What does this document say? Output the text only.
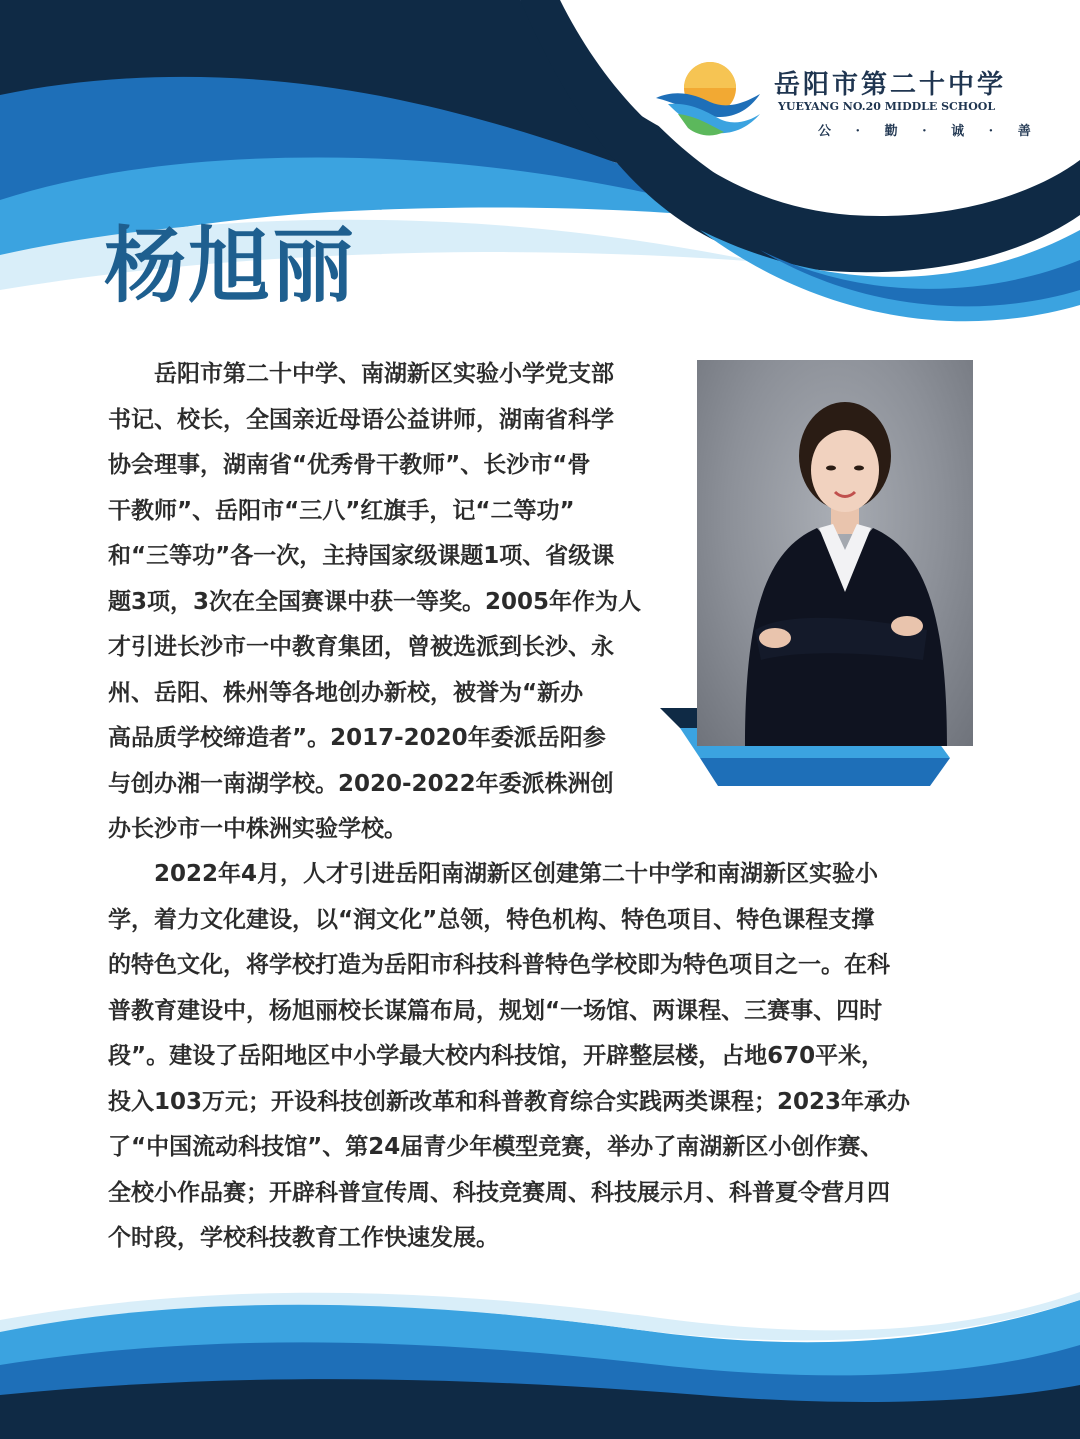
岳阳市第二十中学
YUEYANG NO.20 MIDDLE SCHOOL
公 · 勤 · 诚 · 善
杨旭丽
岳阳市第二十中学、南湖新区实验小学党支部
书记、校长，全国亲近母语公益讲师，湖南省科学
协会理事，湖南省“优秀骨干教师”、长沙市“骨
干教师”、岳阳市“三八”红旗手，记“二等功”
和“三等功”各一次，主持国家级课题1项、省级课
题3项，3次在全国赛课中获一等奖。2005年作为人
才引进长沙市一中教育集团，曾被选派到长沙、永
州、岳阳、株州等各地创办新校，被誉为“新办
高品质学校缔造者”。2017-2020年委派岳阳参
与创办湘一南湖学校。2020-2022年委派株洲创
办长沙市一中株洲实验学校。
2022年4月，人才引进岳阳南湖新区创建第二十中学和南湖新区实验小
学，着力文化建设，以“润文化”总领，特色机构、特色项目、特色课程支撑
的特色文化，将学校打造为岳阳市科技科普特色学校即为特色项目之一。在科
普教育建设中，杨旭丽校长谋篇布局，规划“一场馆、两课程、三赛事、四时
段”。建设了岳阳地区中小学最大校内科技馆，开辟整层楼，占地670平米，
投入103万元；开设科技创新改革和科普教育综合实践两类课程；2023年承办
了“中国流动科技馆”、第24届青少年模型竞赛，举办了南湖新区小创作赛、
全校小作品赛；开辟科普宣传周、科技竞赛周、科技展示月、科普夏令营月四
个时段，学校科技教育工作快速发展。
